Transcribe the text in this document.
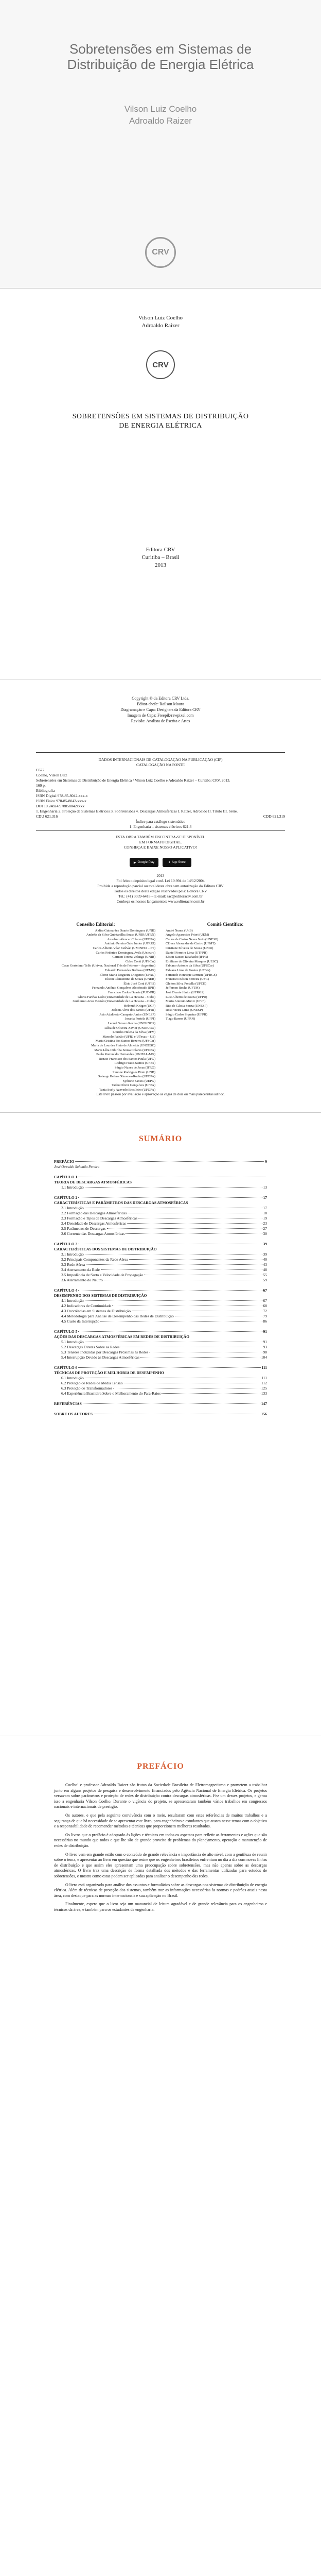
Sobretensões em Sistemas de Distribuição de Energia Elétrica
Vilson Luiz Coelho
Adroaldo Raizer
CRV
Vilson Luiz Coelho
Adroaldo Raizer
CRV
SOBRETENSÕES EM SISTEMAS DE DISTRIBUIÇÃO DE ENERGIA ELÉTRICA
Editora CRV
Curitiba – Brasil
2013
Copyright © da Editora CRV Ltda.
Editor-chefe: Railson Moura
Diagramação e Capa: Designers da Editora CRV
Imagem de Capa: Freepik/rawpixel.com
Revisão: Analista de Escrita e Artes
DADOS INTERNACIONAIS DE CATALOGAÇÃO NA PUBLICAÇÃO (CIP)
CATALOGAÇÃO NA FONTE
C672
Coelho, Vilson Luiz
Sobretensões em Sistemas de Distribuição de Energia Elétrica / Vilson Luiz Coelho e Adroaldo Raizer – Curitiba: CRV, 2013.
160 p.
Bibliografia
ISBN Digital 978-85-8042-xxx-x
ISBN Físico 978-85-8042-xxx-x
DOI 10.24824/978858042xxxx
1. Engenharia 2. Proteção de Sistemas Elétricos 3. Sobretensões 4. Descargas Atmosféricas I. Raizer, Adroaldo II. Título III. Série.
CDU 621.316	CDD 621.319
Índice para catálogo sistemático
1. Engenharia – sistemas elétricos 621.3
ESTA OBRA TAMBÉM ENCONTRA-SE DISPONÍVEL
EM FORMATO DIGITAL.
CONHEÇA E BAIXE NOSSO APLICATIVO!
▶ Google Play	● App Store
2013
Foi feito o depósito legal conf. Lei 10.994 de 14/12/2004
Proibida a reprodução parcial ou total desta obra sem autorização da Editora CRV
Todos os direitos desta edição reservados pela: Editora CRV
Tel.: (41) 3039-6418 – E-mail: sac@editoracrv.com.br
Conheça os nossos lançamentos: www.editoracrv.com.br
Conselho Editorial:
Aldira Guimarães Duarte Domínguez (UNB)
Andréia da Silva Quintanilha Sousa (UNIR/UFRN)
Anselmo Alencar Colares (UFOPA)
Antônio Pereira Gaio Júnior (UFRRJ)
Carlos Alberto Vilar Estêvão (UMINHO – PT)
Carlos Federico Dominguez Avila (Unieuro)
Carmen Tereza Velanga (UNIR)
Celso Conti (UFSCar)
Cesar Gerónimo Tello (Univer. Nacional Três de Febrero – Argentina)
Eduardo Fernandes Barbosa (UFMG)
Elione Maria Nogueira Diogenes (UFAL)
Elizeu Clementino de Souza (UNEB)
Élsio José Corá (UFFS)
Fernando Antônio Gonçalves Alcoforado (IPB)
Francisco Carlos Duarte (PUC-PR)
Gloria Fariñas León (Universidade de La Havana – Cuba)
Guillermo Arias Beatón (Universidade de La Havana – Cuba)
Helmuth Krüger (UCP)
Jailson Alves dos Santos (UFRJ)
João Adalberto Campato Junior (UNESP)
Josania Portela (UFPI)
Leonel Severo Rocha (UNISINOS)
Lídia de Oliveira Xavier (UNIEURO)
Lourdes Helena da Silva (UFV)
Marcelo Paixão (UFRJ e UTexas – US)
Maria Cristina dos Santos Bezerra (UFSCar)
Maria de Lourdes Pinto de Almeida (UNOESC)
Maria Lília Imbiriba Sousa Colares (UFOPA)
Paulo Romualdo Hernandes (UNIFAL-MG)
Renato Francisco dos Santos Paula (UFG)
Rodrigo Pratte-Santos (UFES)
Sérgio Nunes de Jesus (IFRO)
Simone Rodrigues Pinto (UNB)
Solange Helena Ximenes-Rocha (UFOPA)
Sydione Santos (UEPG)
Tadeu Oliver Gonçalves (UFPA)
Tania Suely Azevedo Brasileiro (UFOPA)
Comitê Científico:
André Nunes (UnB)
Angelo Aparecido Priori (UEM)
Carlos de Castro Neves Neto (UNESP)
Clóves Alexandre de Castro (UFMT)
Cristiane Silveira de Souza (UNIR)
Daniel Ferreira Lima (UTFPR)
Edson Kazuo Takahashi (IFPR)
Emiliano de Oliveira Marques (UESC)
Fabiano Antonio da Silva (UFSCar)
Fabiana Lima de Gostos (UFBA)
Fernando Henrique Lermen (UFRGS)
Francisco Edson Ferreira (UFC)
Gleiton Silva Portella (UFCE)
Jefferson Rocha (UFTM)
José Duarte Júnior (UFRGS)
Luiz Alberto de Souza (UFPR)
Mario Antonio Muniz (UFJF)
Rita de Cássia Souza (UNESP)
Rosa Vieira Lima (UNESP)
Sérgio Carlos Siqueira (UFPR)
Tiago Barros (UFRN)
Este livro passou por avaliação e aprovação às cegas de dois ou mais pareceristas ad hoc.
SUMÁRIO
PREFÁCIO	9
José Oswaldo Salomão Pereira
CAPÍTULO 1
TEORIA DE DESCARGAS ATMOSFÉRICAS
1.1 Introdução	13
CAPÍTULO 2	17
CARACTERÍSTICAS E PARÂMETROS DAS DESCARGAS ATMOSFÉRICAS
2.1 Introdução	17
2.2 Formação das Descargas Atmosféricas	18
2.3 Formação e Tipos de Descargas Atmosféricas	19
2.4 Densidade de Descargas Atmosféricas	23
2.5 Parâmetros de Descargas	27
2.6 Corrente das Descargas Atmosféricas	30
CAPÍTULO 3	39
CARACTERÍSTICAS DOS SISTEMAS DE DISTRIBUIÇÃO
3.1 Introdução	39
3.2 Principais Componentes da Rede Aérea	40
3.3 Rede Aérea	43
3.4 Aterramento da Rede	48
3.5 Impedância de Surto e Velocidade de Propagação	55
3.6 Aterramento do Neutro	59
CAPÍTULO 4	67
DESEMPENHO DOS SISTEMAS DE DISTRIBUIÇÃO
4.1 Introdução	67
4.2 Indicadores de Continuidade	68
4.3 Ocorrências em Sistemas de Distribuição	72
4.4 Metodologia para Análise de Desempenho das Redes de Distribuição	79
4.5 Custo da Interrupção	86
CAPÍTULO 5	91
AÇÕES DAS DESCARGAS ATMOSFÉRICAS EM REDES DE DISTRIBUIÇÃO
5.1 Introdução	91
5.2 Descargas Diretas Sobre as Redes	93
5.3 Tensões Induzidas por Descargas Próximas às Redes	98
5.4 Interrupção Devido às Descargas Atmosféricas	104
CAPÍTULO 6	111
TÉCNICAS DE PROTEÇÃO E MELHORIA DE DESEMPENHO
6.1 Introdução	111
6.2 Proteção de Redes de Média Tensão	112
6.3 Proteção de Transformadores	125
6.4 Experiência Brasileira Sobre o Melhoramento do Para-Raios	133
REFERÊNCIAS	147
SOBRE OS AUTORES	156
PREFÁCIO

Coelho¹ e professor Adroaldo Raizer são frutos da Sociedade Brasileira de Eletromagnetismo e prometem a trabalhar junto em alguns projetos de pesquisa e desenvolvimento financiados pelo Agência Nacional de Energia Elétrica. Os projetos versavam sobre parâmetros e proteção de redes de distribuição contra descargas atmosféricas. Fez um desses projetos, e gerou isso a engenharia Vilson Coelho. Durante o vigência do projeto, se apresentaram também vários trabalhos em congressos nacionais e internacionais de prestígio.

Os autores, e que pela seguinte convivência com o meio, resultaram com estes referências de muitos trabalhos e a segurança de que há necessidade de se apresentar este livro, para engenheiros e estudantes que atuam nesse temas com o objetivo e a responsabilidade de recomendar métodos e técnicas que proporcionem melhores resultados.

Os livros que o prefácio é adequado às lições e técnicas em todos os aspectos para refletir as ferramentas e ações que são necessárias no mundo que todos e que lhe são de grande proveito de problemas do planejamento, operação e manutenção de redes de distribuição.

O livro vem em grande estilo com o conteúdo de grande relevância e importância de alto nível, com a gentileza de reunir sobre o tema, e apresentar ao livro em questão que reúne que os engenheiros brasileiros enfrentam no dia a dia com novas linhas de distribuição e que assim eles apresentam uma preocupação sobre sobretensões, mas não apenas sobre as descargas atmosféricas. O livro traz uma descrição de forma detalhada dos métodos e das ferramentas utilizadas para estudos de sobretensões, e mostra como estas podem ser aplicadas para analisar o desempenho das redes.

O livro está organizado para análise dos assuntos e formulários sobre as descargas nos sistemas de distribuição de energia elétrica. Além de técnicas de proteção dos sistemas, também traz as informações necessárias às normas e padrões atuais nesta área, com destaque para as normas internacionais e sua aplicação no Brasil.

Finalmente, espero que o livro seja um manancial de leitura agradável e de grande relevância para os engenheiros e técnicos da área, e também para os estudantes de engenharia.
